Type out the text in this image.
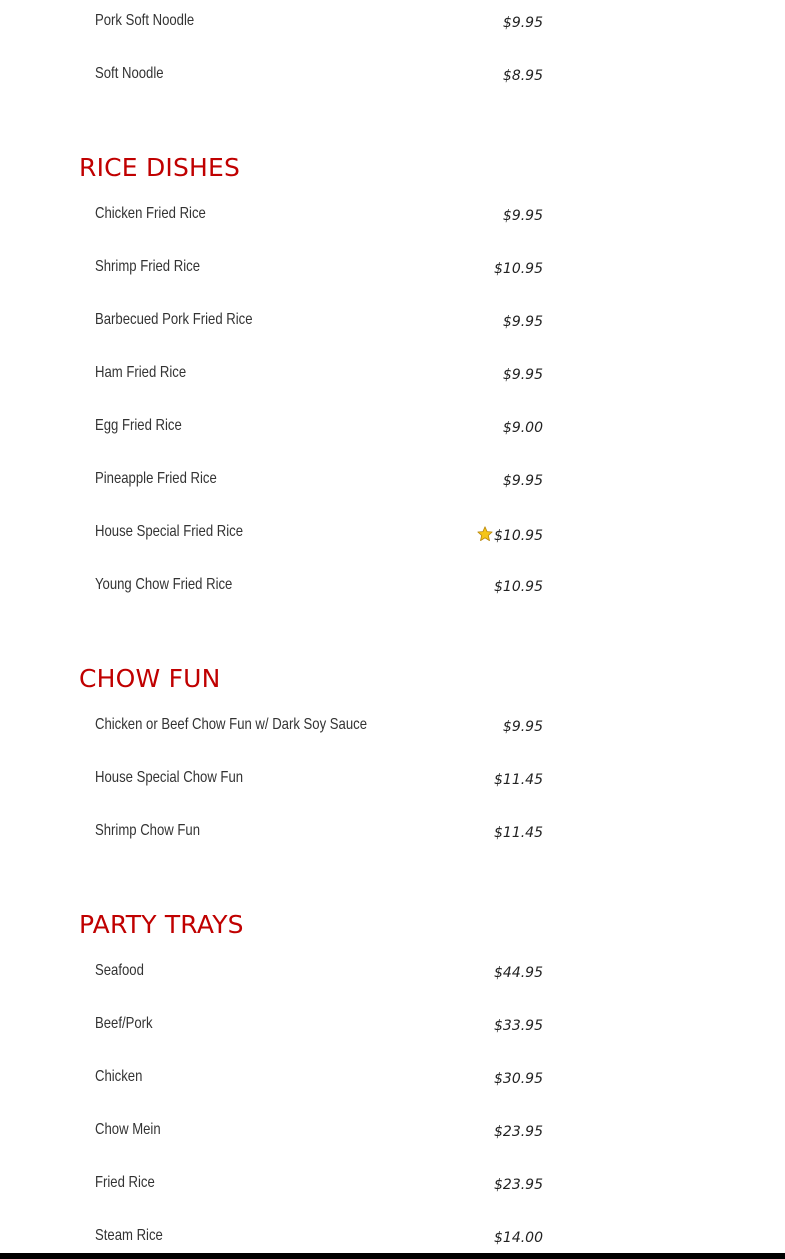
Pork Soft Noodle	$9.95
Soft Noodle	$8.95
RICE DISHES
Chicken Fried Rice	$9.95
Shrimp Fried Rice	$10.95
Barbecued Pork Fried Rice	$9.95
Ham Fried Rice	$9.95
Egg Fried Rice	$9.00
Pineapple Fried Rice	$9.95
House Special Fried Rice	$10.95
Young Chow Fried Rice	$10.95
CHOW FUN
Chicken or Beef Chow Fun w/ Dark Soy Sauce	$9.95
House Special Chow Fun	$11.45
Shrimp Chow Fun	$11.45
PARTY TRAYS
Seafood	$44.95
Beef/Pork	$33.95
Chicken	$30.95
Chow Mein	$23.95
Fried Rice	$23.95
Steam Rice	$14.00
